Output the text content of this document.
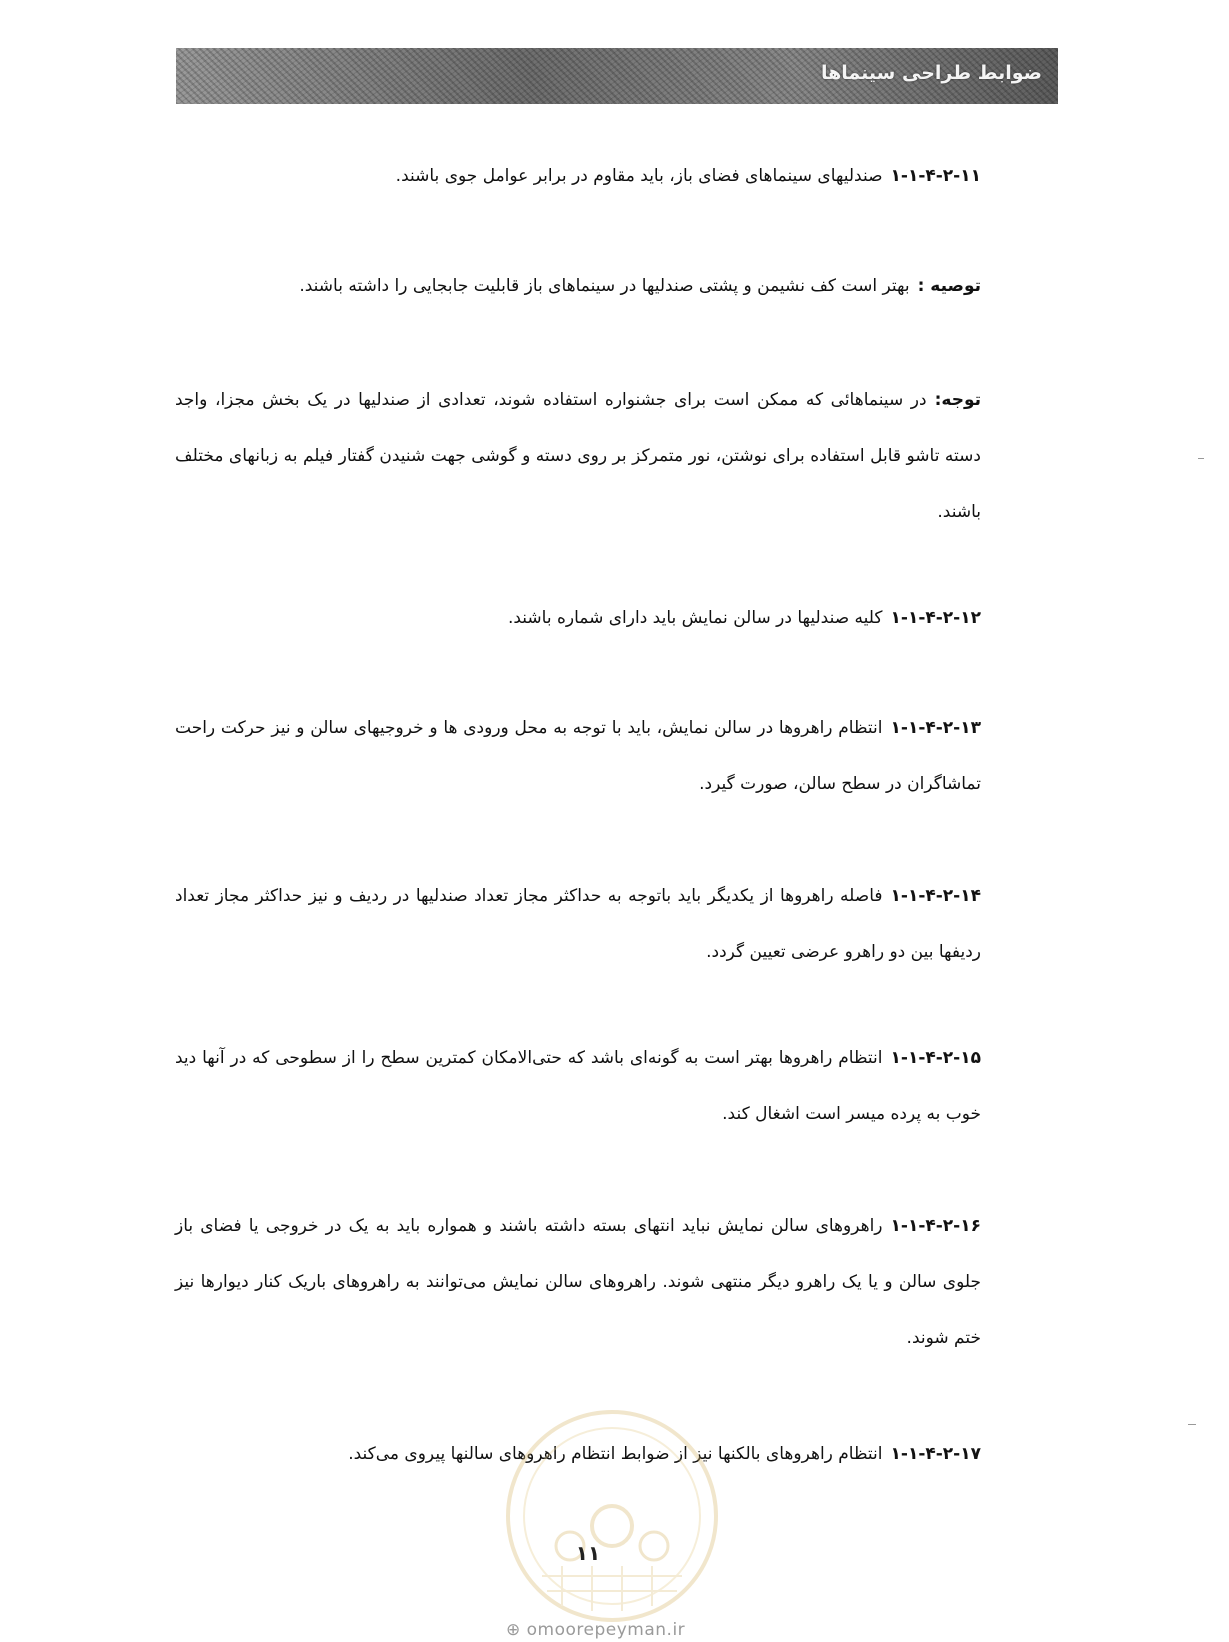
ضوابط طراحی سینماها
۱-۱-۴-۲-۱۱صندلیهای سینماهای فضای باز، باید مقاوم در برابر عوامل جوی باشند.
توصیه :بهتر است کف نشیمن و پشتی صندلیها در سینماهای باز قابلیت جابجایی را داشته باشند.
توجه:در سینماهائی که ممکن است برای جشنواره استفاده شوند، تعدادی از صندلیها در یک بخش مجزا، واجد دسته تاشو قابل استفاده برای نوشتن، نور متمرکز بر روی دسته و گوشی جهت شنیدن گفتار فیلم به زبانهای مختلف باشند.
۱-۱-۴-۲-۱۲کلیه صندلیها در سالن نمایش باید دارای شماره باشند.
۱-۱-۴-۲-۱۳انتظام راهروها در سالن نمایش، باید با توجه به محل ورودی ها و خروجیهای سالن و نیز حرکت راحت تماشاگران در سطح سالن، صورت گیرد.
۱-۱-۴-۲-۱۴فاصله راهروها از یکدیگر باید باتوجه به حداکثر مجاز تعداد صندلیها در ردیف و نیز حداکثر مجاز تعداد ردیفها بین دو راهرو عرضی تعیین گردد.
۱-۱-۴-۲-۱۵انتظام راهروها بهتر است به گونه‌ای باشد که حتی‌الامکان کمترین سطح را از سطوحی که در آنها دید خوب به پرده میسر است اشغال کند.
۱-۱-۴-۲-۱۶راهروهای سالن نمایش نباید انتهای بسته داشته باشند و همواره باید به یک در خروجی یا فضای باز جلوی سالن و یا یک راهرو دیگر منتهی شوند. راهروهای سالن نمایش می‌توانند به راهروهای باریک کنار دیوارها نیز ختم شوند.
۱-۱-۴-۲-۱۷انتظام راهروهای بالکنها نیز از ضوابط انتظام راهروهای سالنها پیروی می‌کند.
۱۱
⊕ omoorepeyman.ir
